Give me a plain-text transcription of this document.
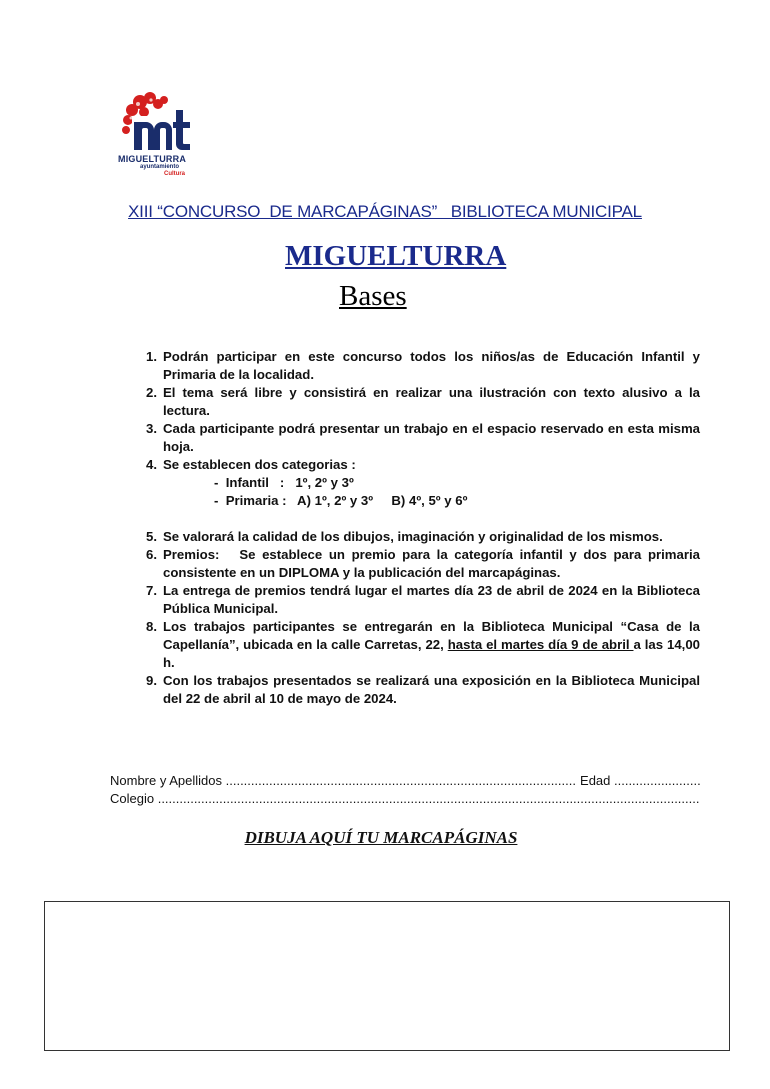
MIGUELTURRA
ayuntamiento
Cultura
XIII “CONCURSO  DE MARCAPÁGINAS”   BIBLIOTECA MUNICIPAL
MIGUELTURRA
Bases
1. Podrán participar en este concurso todos los niños/as de Educación Infantil y Primaria de la localidad.
2. El tema será libre y consistirá en realizar una ilustración con texto alusivo a la lectura.
3. Cada participante podrá presentar un trabajo en el espacio reservado en esta misma hoja.
4. Se establecen dos categorias :
-  Infantil   :   1º, 2º y 3º
-  Primaria :   A) 1º, 2º y 3º     B) 4º, 5º y 6º
5. Se valorará la calidad de los dibujos, imaginación y originalidad de los mismos.
6. Premios:   Se establece un premio para la categoría infantil y dos para primaria consistente en un DIPLOMA y la publicación del marcapáginas.
7. La entrega de premios tendrá lugar el martes día 23 de abril de 2024 en la Biblioteca Pública Municipal.
8. Los trabajos participantes se entregarán en la Biblioteca Municipal “Casa de la Capellanía”, ubicada en la calle Carretas, 22, hasta el martes día 9 de abril a las 14,00 h.
9. Con los trabajos presentados se realizará una exposición en la Biblioteca Municipal del 22 de abril al 10 de mayo de 2024.
Nombre y Apellidos
.....	Edad
.....
Colegio
.....
DIBUJA AQUÍ TU MARCAPÁGINAS
